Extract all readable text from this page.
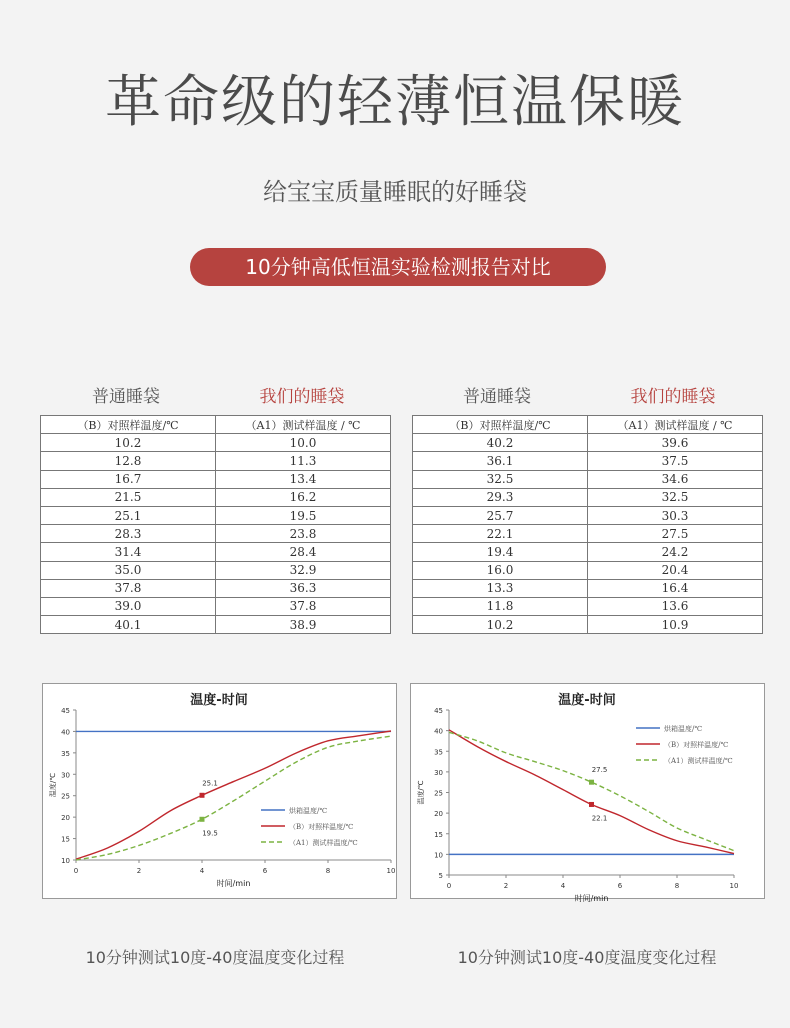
革命级的轻薄恒温保暖
给宝宝质量睡眠的好睡袋
10分钟高低恒温实验检测报告对比
普通睡袋	我们的睡袋	普通睡袋	我们的睡袋
（B）对照样温度/℃	（A1）测试样温度 / ℃
10.2	10.0
12.8	11.3
16.7	13.4
21.5	16.2
25.1	19.5
28.3	23.8
31.4	28.4
35.0	32.9
37.8	36.3
39.0	37.8
40.1	38.9
（B）对照样温度/℃	（A1）测试样温度 / ℃
40.2	39.6
36.1	37.5
32.5	34.6
29.3	32.5
25.7	30.3
22.1	27.5
19.4	24.2
16.0	20.4
13.3	16.4
11.8	13.6
10.2	10.9
温度-时间
10
15
20
25
30
35
40
45
0	2	4	6	8	10
时间/min
温度/℃	25.1
19.5
烘箱温度/℃
（B）对照样温度/℃
（A1）测试样温度/℃
温度-时间
5
10
15
20
25
30
35
40
45
0	2	4	6	8	10
时间/min
温度/℃
27.5
22.1
烘箱温度/℃
（B）对照样温度/℃
（A1）测试样温度/℃
10分钟测试10度-40度温度变化过程	10分钟测试10度-40度温度变化过程
